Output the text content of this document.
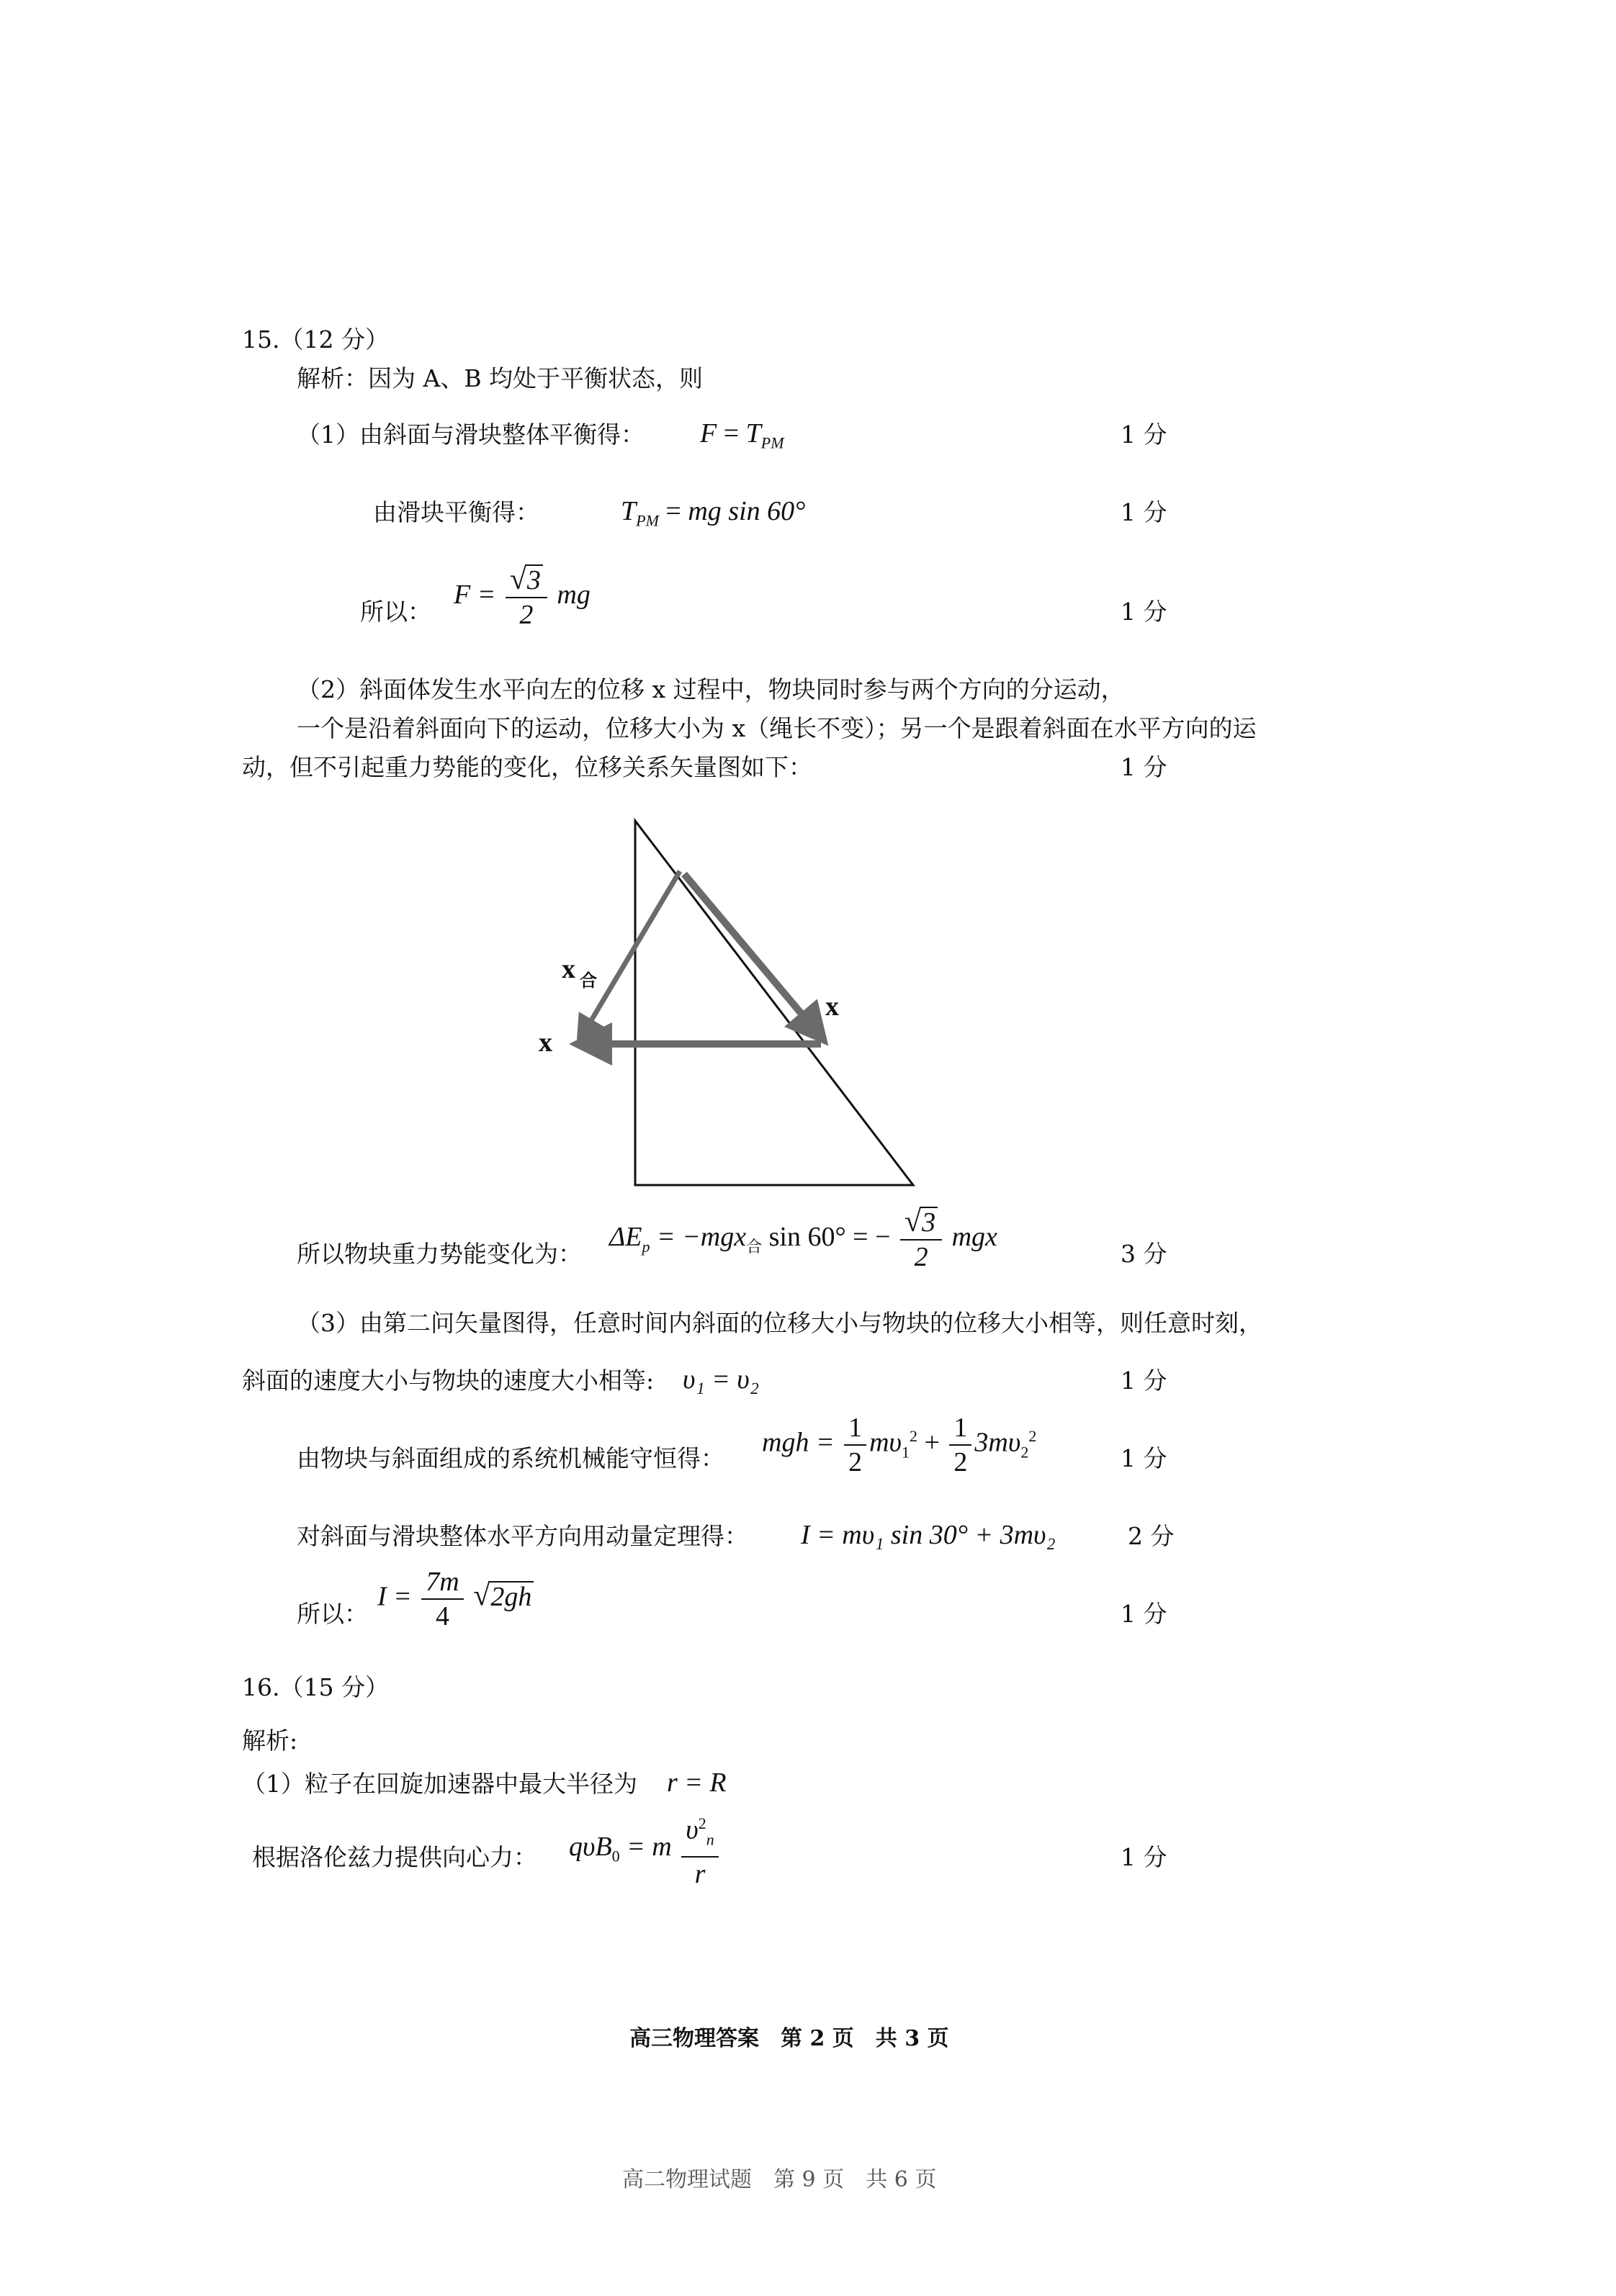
15.（12 分）
解析：因为 A、B 均处于平衡状态，则
（1）由斜面与滑块整体平衡得： $F = T_{PM}$	1 分
由滑块平衡得：	$T_{PM}$ = mg sin 60°	1 分
所以：
$F = \frac{√3}{2}$ mg
1 分
（2）斜面体发生水平向左的位移 x 过程中，物块同时参与两个方向的分运动，
一个是沿着斜面向下的运动，位移大小为 x（绳长不变）；另一个是跟着斜面在水平方向的运
动，但不引起重力势能的变化，位移关系矢量图如下：	1 分
x $_合$
x
x
所以物块重力势能变化为：
$\Delta E_p = -mgx_合$ sin 60° = − $\frac{√3}{2}$ mgx
3 分
（3）由第二问矢量图得，任意时间内斜面的位移大小与物块的位移大小相等，则任意时刻，
斜面的速度大小与物块的速度大小相等: υ₁ = υ₂	1 分
由物块与斜面组成的系统机械能守恒得：
mgh = $\frac{1}{2} m\upsilon_1^2 + \frac{1}{2} 3m\upsilon_2^2$
1 分
对斜面与滑块整体水平方向用动量定理得： I = mυ₁ sin 30° + 3mυ₂	2 分
所以：
$I = \frac{7m}{4} √2gh$
1 分
16.（15 分）
解析:
（1）粒子在回旋加速器中最大半径为 r = R
根据洛伦兹力提供向心力： qυB$_0$ = m $\frac{\upsilon^2_n}{r}$	1 分
高三物理答案　第 2 页　共 3 页
高二物理试题　第 9 页　共 6 页
